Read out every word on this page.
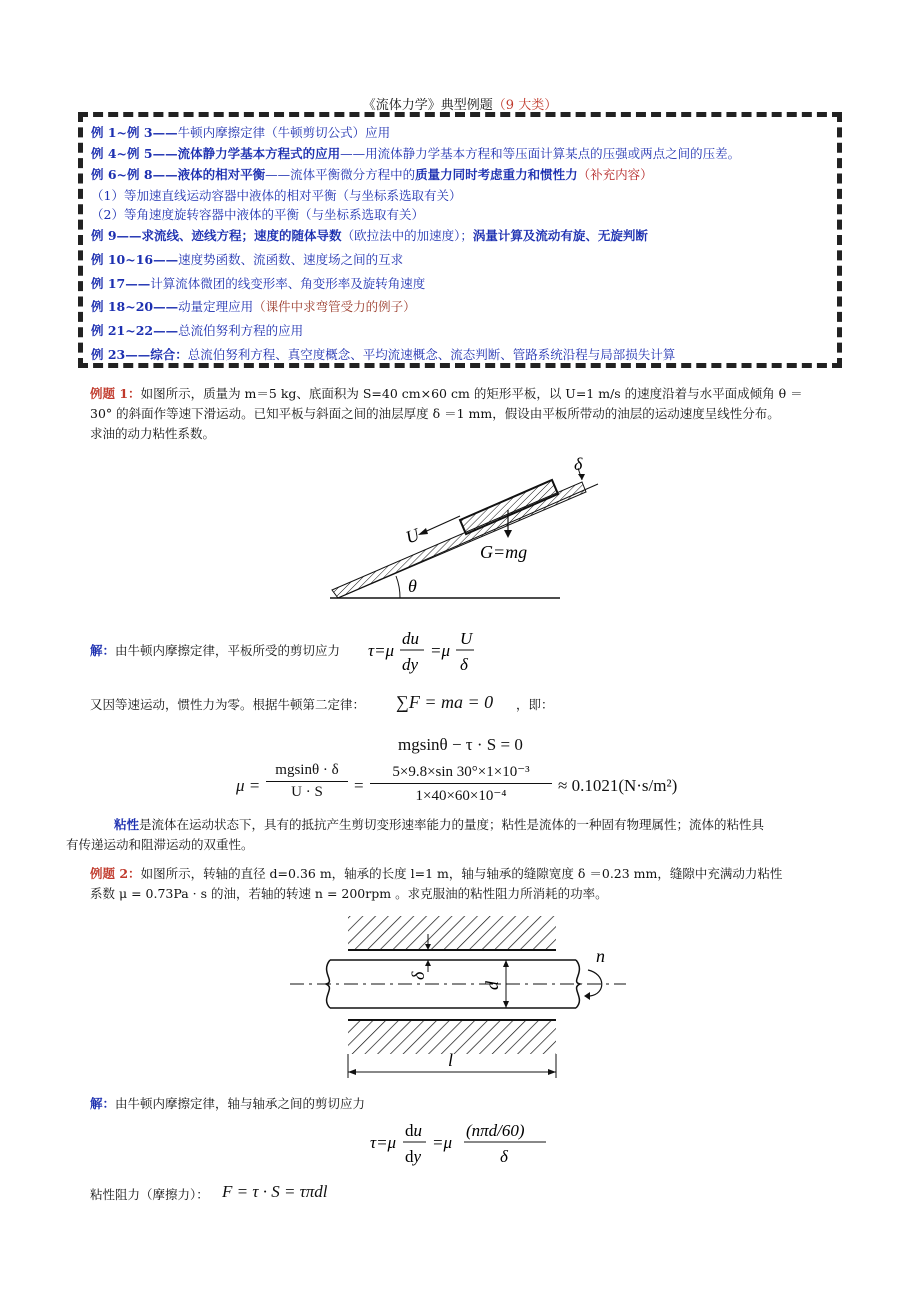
《流体力学》典型例题（9 大类）
例 1~例 3——牛顿内摩擦定律（牛顿剪切公式）应用
例 4~例 5——流体静力学基本方程式的应用——用流体静力学基本方程和等压面计算某点的压强或两点之间的压差。
例 6~例 8——液体的相对平衡——流体平衡微分方程中的质量力同时考虑重力和惯性力（补充内容）
（1）等加速直线运动容器中液体的相对平衡（与坐标系选取有关）
（2）等角速度旋转容器中液体的平衡（与坐标系选取有关）
例 9——求流线、迹线方程；速度的随体导数（欧拉法中的加速度）；涡量计算及流动有旋、无旋判断
例 10~16——速度势函数、流函数、速度场之间的互求
例 17——计算流体微团的线变形率、角变形率及旋转角速度
例 18~20——动量定理应用（课件中求弯管受力的例子）
例 21~22——总流伯努利方程的应用
例 23——综合：总流伯努利方程、真空度概念、平均流速概念、流态判断、管路系统沿程与局部损失计算
例题 1：如图所示，质量为 m＝5 kg、底面积为 S=40 cm×60 cm 的矩形平板，以 U=1 m/s 的速度沿着与水平面成倾角 θ ＝
30° 的斜面作等速下滑运动。已知平板与斜面之间的油层厚度 δ ＝1 mm，假设由平板所带动的油层的运动速度呈线性分布。
求油的动力粘性系数。
δ
U
G=mg
θ
解：由牛顿内摩擦定律，平板所受的剪切应力	τ=μ
du
dy
=μ
U
δ
又因等速运动，惯性力为零。根据牛顿第二定律：	∑F = ma = 0 ，即：
mgsinθ − τ · S = 0
μ =
mgsinθ · δ
U · S	=
5×9.8×sin 30°×1×10⁻³
1×40×60×10⁻⁴
≈ 0.1021(N·s/m²)
粘性是流体在运动状态下，具有的抵抗产生剪切变形速率能力的量度；粘性是流体的一种固有物理属性；流体的粘性具
有传递运动和阻滞运动的双重性。
例题 2：如图所示，转轴的直径 d=0.36 m，轴承的长度 l=1 m，轴与轴承的缝隙宽度 δ ＝0.23 mm，缝隙中充满动力粘性
系数 μ = 0.73Pa · s 的油，若轴的转速 n = 200rpm 。求克服油的粘性阻力所消耗的功率。
δ
d
n
l
解：由牛顿内摩擦定律，轴与轴承之间的剪切应力
τ=μ
du
dy
=μ
(nπd/60)
δ
粘性阻力（摩擦力）： F = τ · S = τπdl
